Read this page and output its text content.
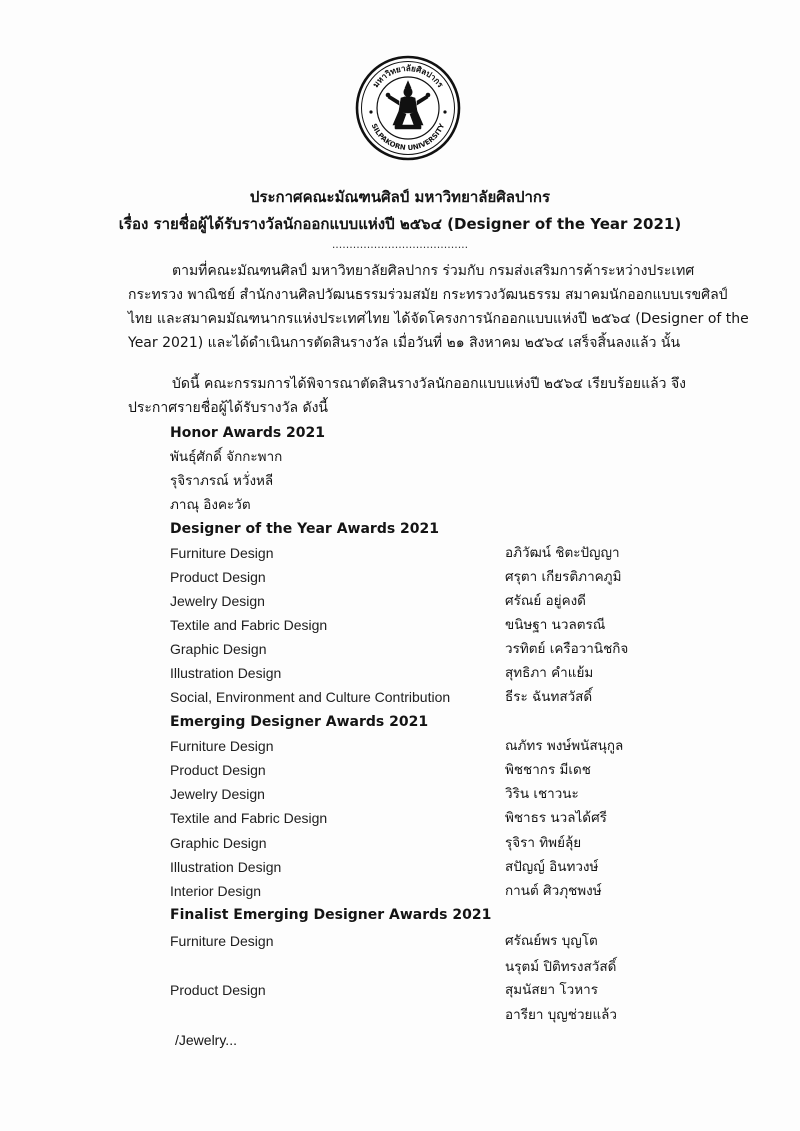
มหาวิทยาลัยศิลปากร
SILPAKORN UNIVERSITY
ประกาศคณะมัณฑนศิลป์ มหาวิทยาลัยศิลปากร
เรื่อง รายชื่อผู้ได้รับรางวัลนักออกแบบแห่งปี ๒๕๖๔ (Designer of the Year 2021)
.......................................
ตามที่คณะมัณฑนศิลป์ มหาวิทยาลัยศิลปากร ร่วมกับ กรมส่งเสริมการค้าระหว่างประเทศ
กระทรวง พาณิชย์ สำนักงานศิลปวัฒนธรรมร่วมสมัย กระทรวงวัฒนธรรม สมาคมนักออกแบบเรขศิลป์
ไทย และสมาคมมัณฑนากรแห่งประเทศไทย ได้จัดโครงการนักออกแบบแห่งปี ๒๕๖๔ (Designer of the
Year 2021) และได้ดำเนินการตัดสินรางวัล เมื่อวันที่ ๒๑ สิงหาคม ๒๕๖๔ เสร็จสิ้นลงแล้ว นั้น
บัดนี้ คณะกรรมการได้พิจารณาตัดสินรางวัลนักออกแบบแห่งปี ๒๕๖๔ เรียบร้อยแล้ว จึง
ประกาศรายชื่อผู้ได้รับรางวัล ดังนี้
Honor Awards 2021
พันธุ์ศักดิ์ จักกะพาก
รุจิราภรณ์ หวั่งหลี
ภาณุ อิงคะวัต
Designer of the Year Awards 2021
Furniture Design	อภิวัฒน์ ชิตะปัญญา
Product Design	ศรุตา เกียรติภาคภูมิ
Jewelry Design	ศรัณย์ อยู่คงดี
Textile and Fabric Design	ขนิษฐา นวลตรณี
Graphic Design	วรทิตย์ เครือวานิชกิจ
Illustration Design	สุทธิภา คำแย้ม
Social, Environment and Culture Contribution	ธีระ ฉันทสวัสดิ์
Emerging Designer Awards 2021
Furniture Design	ณภัทร พงษ์พนัสนุกูล
Product Design	พิชชากร มีเดช
Jewelry Design	วิริน เชาวนะ
Textile and Fabric Design	พิชาธร นวลได้ศรี
Graphic Design	รุจิรา ทิพย์ลุ้ย
Illustration Design	สปัญญ์ อินทวงษ์
Interior Design	กานต์ ศิวภุชพงษ์
Finalist Emerging Designer Awards 2021
Furniture Design	ศรัณย์พร บุญโต
นรุตม์ ปิติทรงสวัสดิ์
Product Design	สุมนัสยา โวหาร
อารียา บุญช่วยแล้ว
/Jewelry...
